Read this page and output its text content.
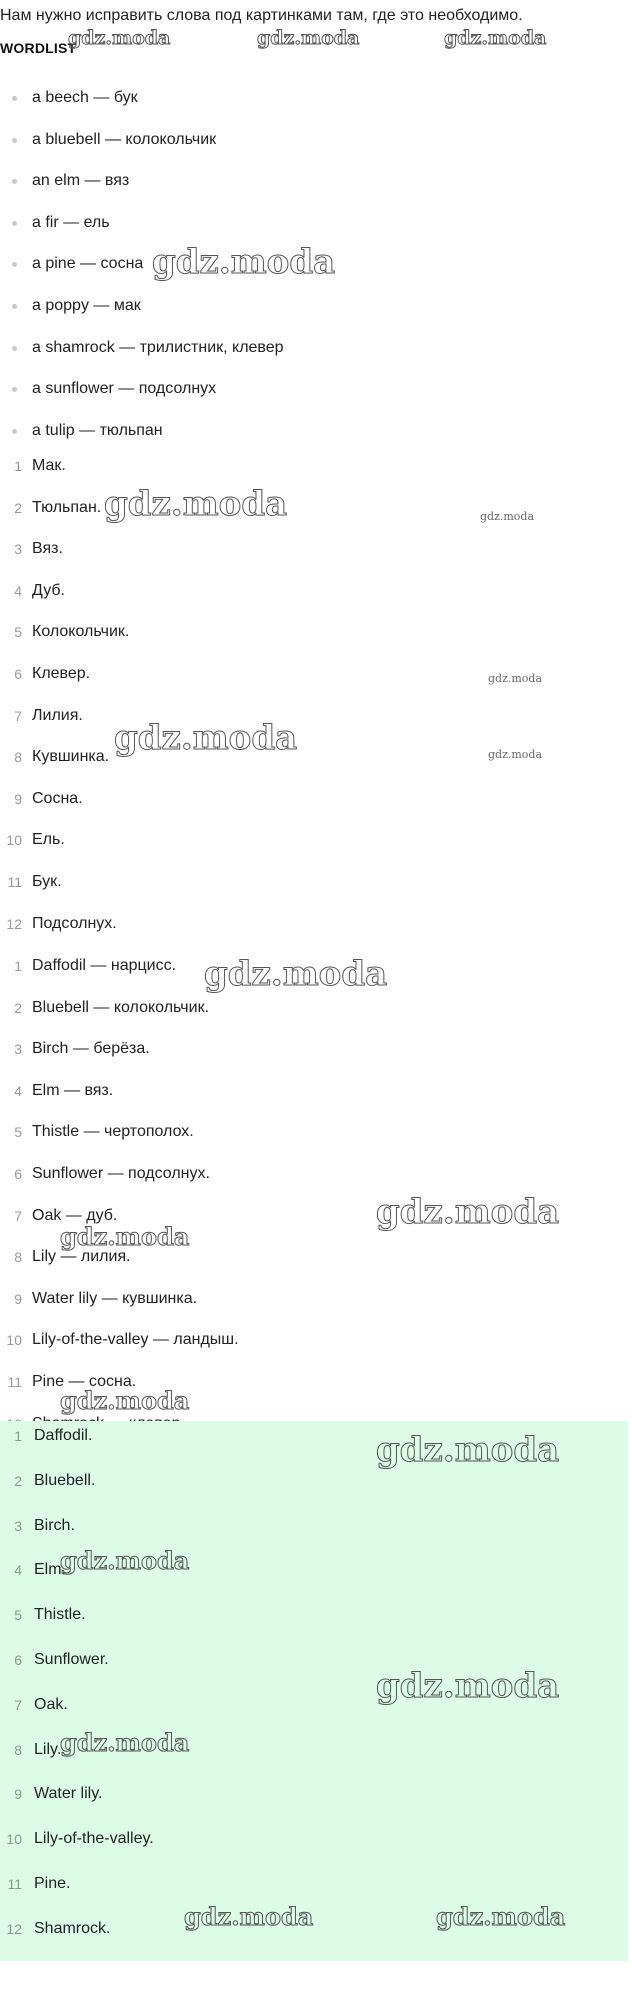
Нам нужно исправить слова под картинками там, где это необходимо.
WORDLIST
a beech — бук
a bluebell — колокольчик
an elm — вяз
a fir — ель
a pine — сосна
a poppy — мак
a shamrock — трилистник, клевер
a sunflower — подсолнух
a tulip — тюльпан
1 Мак.
2 Тюльпан.
3 Вяз.
4 Дуб.
5 Колокольчик.
6 Клевер.
7 Лилия.
8 Кувшинка.
9 Сосна.
10 Ель.
11 Бук.
12 Подсолнух.
1 Daffodil — нарцисс.
2 Bluebell — колокольчик.
3 Birch — берёза.
4 Elm — вяз.
5 Thistle — чертополох.
6 Sunflower — подсолнух.
7 Oak — дуб.
8 Lily — лилия.
9 Water lily — кувшинка.
10 Lily-of-the-valley — ландыш.
11 Pine — сосна.
1 Daffodil.
2 Bluebell.
3 Birch.
4 Elm.
5 Thistle.
6 Sunflower.
7 Oak.
8 Lily.
9 Water lily.
10 Lily-of-the-valley.
11 Pine.
12 Shamrock.
gdz.moda	gdz.moda	gdz.moda
gdz.moda
gdz.moda	gdz.moda
gdz.moda
gdz.moda	gdz.moda
gdz.moda
gdz.moda
gdz.moda
gdz.moda
gdz.moda
gdz.moda
gdz.moda
gdz.moda
gdz.moda	gdz.moda
